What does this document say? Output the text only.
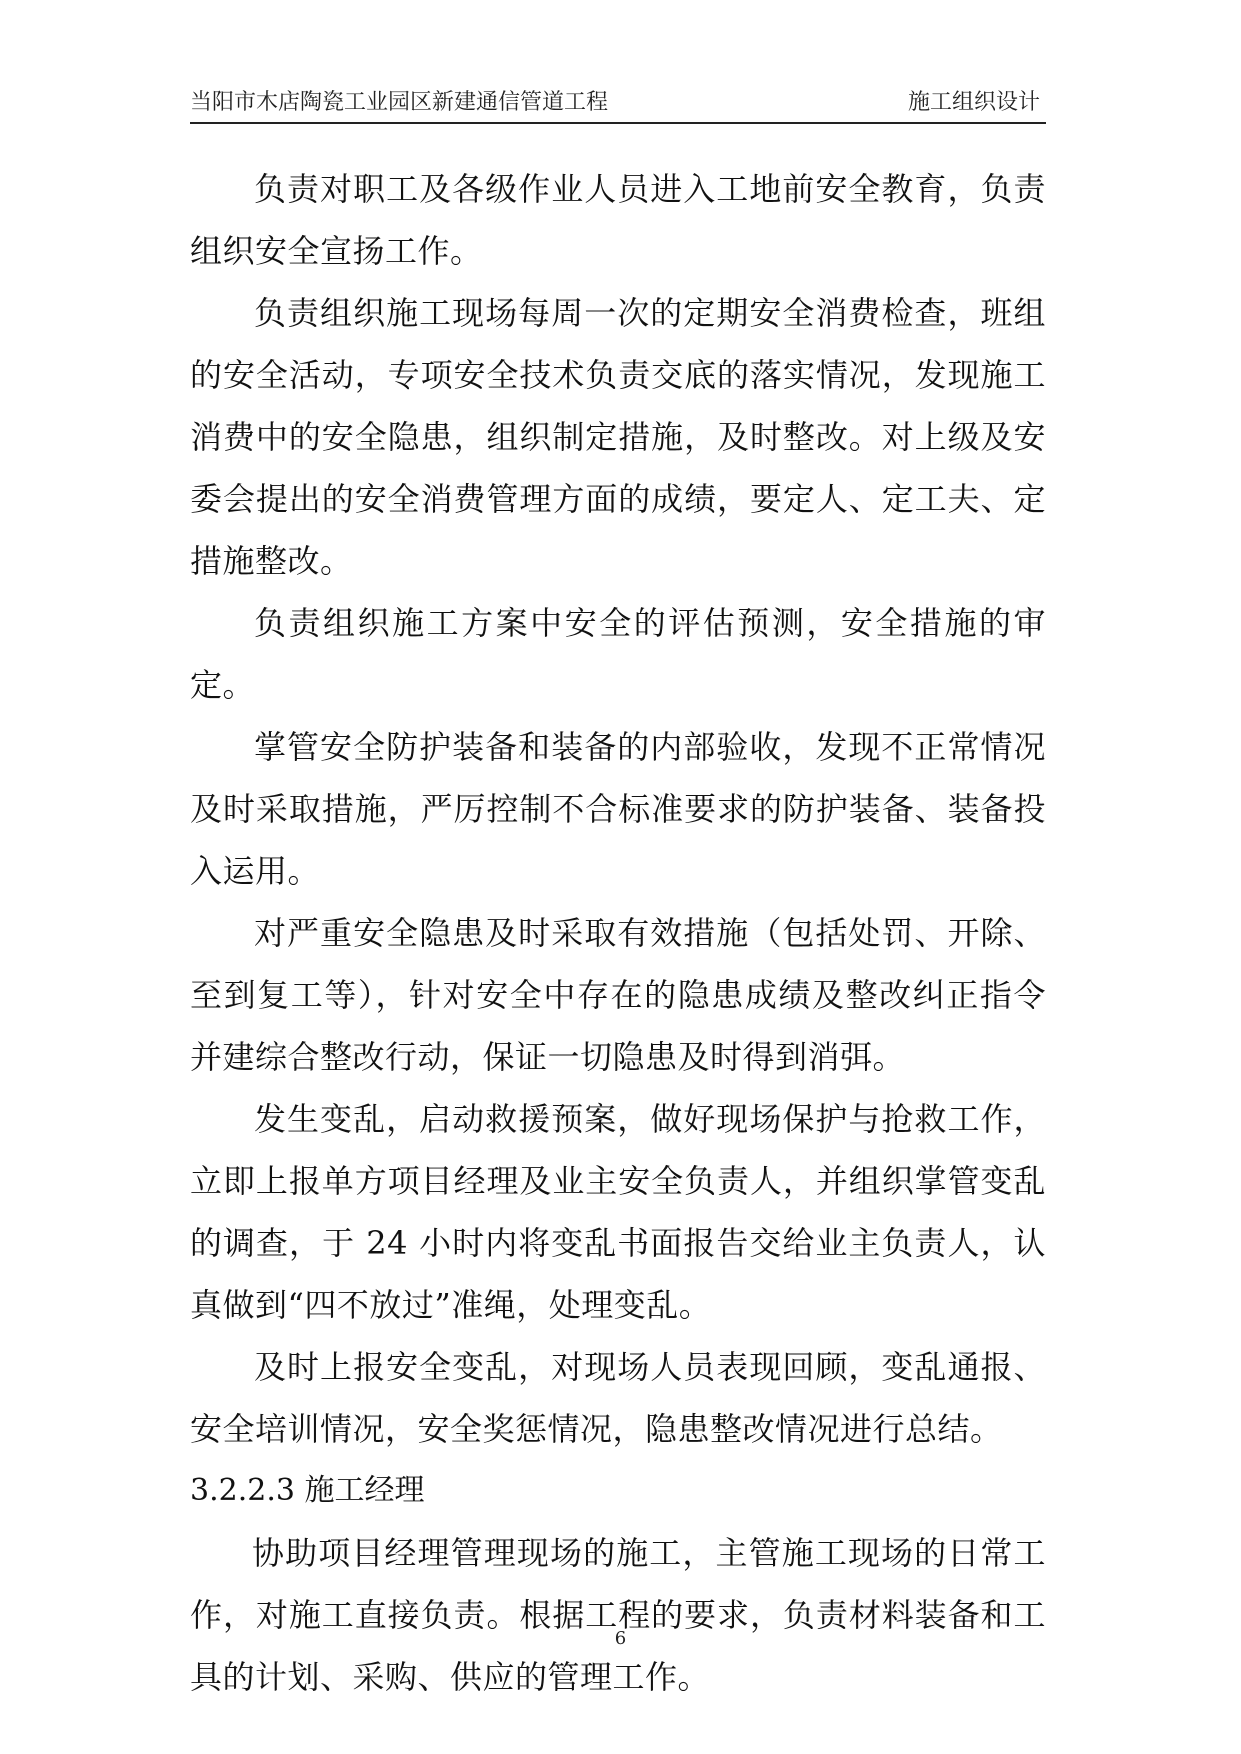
当阳市木店陶瓷工业园区新建通信管道工程	施工组织设计

负责对职工及各级作业人员进入工地前安全教育，负责组织安全宣扬工作。

负责组织施工现场每周一次的定期安全消费检查，班组的安全活动，专项安全技术负责交底的落实情况，发现施工消费中的安全隐患，组织制定措施，及时整改。对上级及安委会提出的安全消费管理方面的成绩，要定人、定工夫、定措施整改。

负责组织施工方案中安全的评估预测，安全措施的审定。

掌管安全防护装备和装备的内部验收，发现不正常情况及时采取措施，严厉控制不合标准要求的防护装备、装备投入运用。

对严重安全隐患及时采取有效措施（包括处罚、开除、至到复工等），针对安全中存在的隐患成绩及整改纠正指令并建综合整改行动，保证一切隐患及时得到消弭。

发生变乱，启动救援预案，做好现场保护与抢救工作，立即上报单方项目经理及业主安全负责人，并组织掌管变乱的调查，于 24 小时内将变乱书面报告交给业主负责人，认真做到“四不放过”准绳，处理变乱。

及时上报安全变乱，对现场人员表现回顾，变乱通报、安全培训情况，安全奖惩情况，隐患整改情况进行总结。

3.2.2.3 施工经理

协助项目经理管理现场的施工，主管施工现场的日常工作，对施工直接负责。根据工程的要求，负责材料装备和工具的计划、采购、供应的管理工作。

6
